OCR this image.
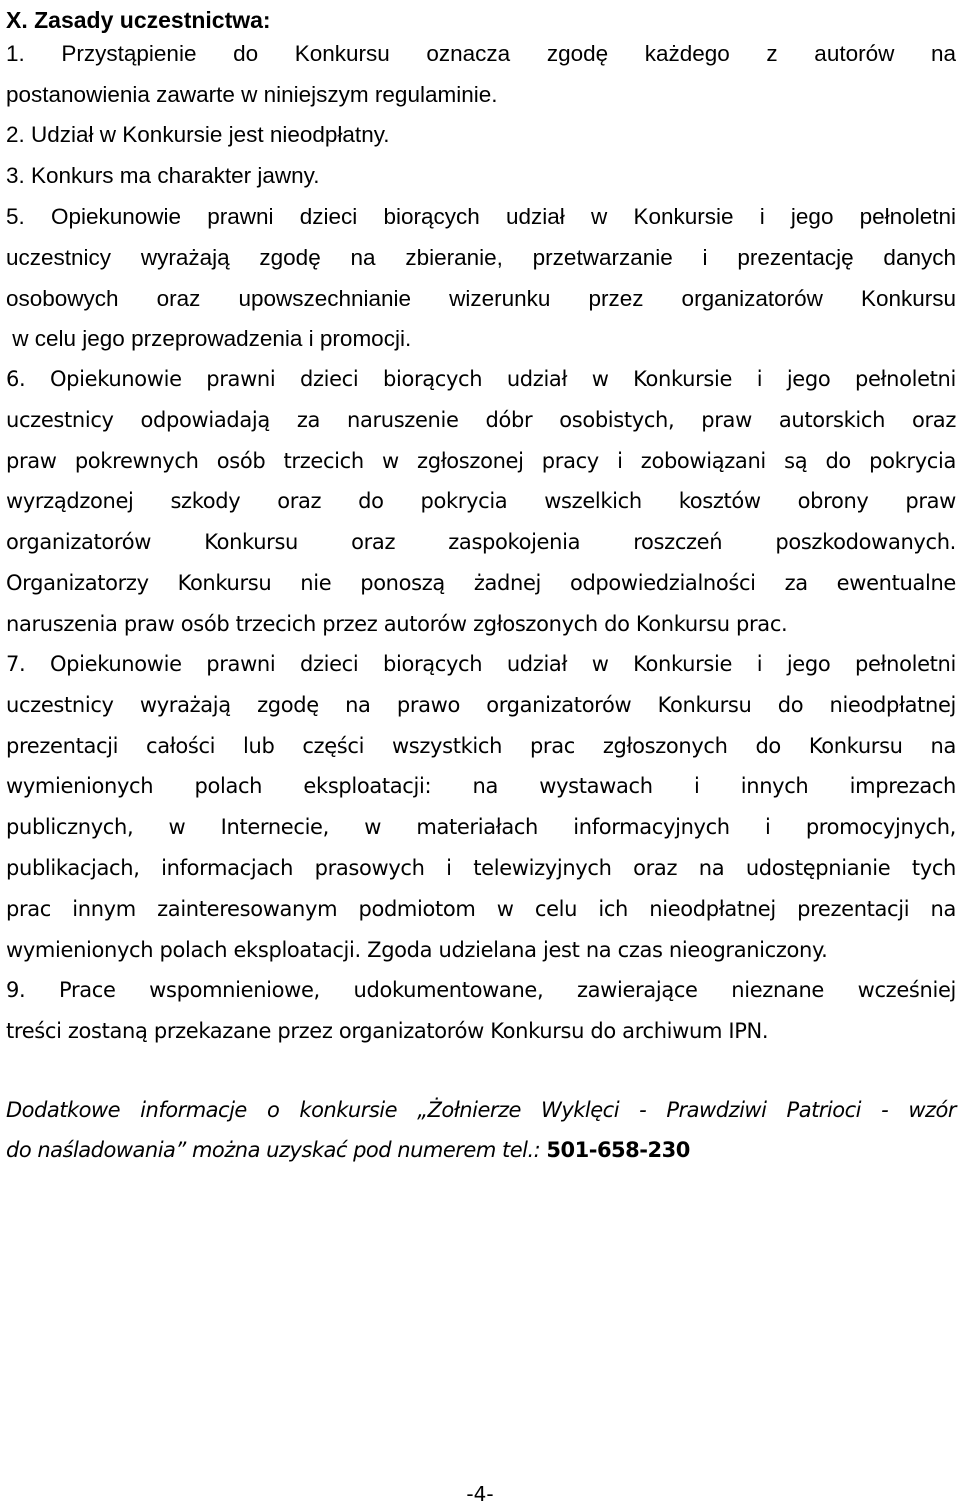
X. Zasady uczestnictwa:
1. Przystąpienie do Konkursu oznacza zgodę każdego z autorów na
postanowienia zawarte w niniejszym regulaminie.
2. Udział w Konkursie jest nieodpłatny.
3. Konkurs ma charakter jawny.
5. Opiekunowie prawni dzieci biorących udział w Konkursie i jego pełnoletni
uczestnicy wyrażają zgodę na zbieranie, przetwarzanie i prezentację danych
osobowych oraz upowszechnianie wizerunku przez organizatorów Konkursu
w celu jego przeprowadzenia i promocji.
6. Opiekunowie prawni dzieci biorących udział w Konkursie i jego pełnoletni
uczestnicy odpowiadają za naruszenie dóbr osobistych, praw autorskich oraz
praw pokrewnych osób trzecich w zgłoszonej pracy i zobowiązani są do pokrycia
wyrządzonej szkody oraz do pokrycia wszelkich kosztów obrony praw
organizatorów Konkursu oraz zaspokojenia roszczeń poszkodowanych.
Organizatorzy Konkursu nie ponoszą żadnej odpowiedzialności za ewentualne
naruszenia praw osób trzecich przez autorów zgłoszonych do Konkursu prac.
7. Opiekunowie prawni dzieci biorących udział w Konkursie i jego pełnoletni
uczestnicy wyrażają zgodę na prawo organizatorów Konkursu do nieodpłatnej
prezentacji całości lub części wszystkich prac zgłoszonych do Konkursu na
wymienionych polach eksploatacji: na wystawach i innych imprezach
publicznych, w Internecie, w materiałach informacyjnych i promocyjnych,
publikacjach, informacjach prasowych i telewizyjnych oraz na udostępnianie tych
prac innym zainteresowanym podmiotom w celu ich nieodpłatnej prezentacji na
wymienionych polach eksploatacji. Zgoda udzielana jest na czas nieograniczony.
9. Prace wspomnieniowe, udokumentowane, zawierające nieznane wcześniej
treści zostaną przekazane przez organizatorów Konkursu do archiwum IPN.
Dodatkowe informacje o konkursie „Żołnierze Wyklęci - Prawdziwi Patrioci - wzór
do naśladowania” można uzyskać pod numerem tel.: 501-658-230
-4-
